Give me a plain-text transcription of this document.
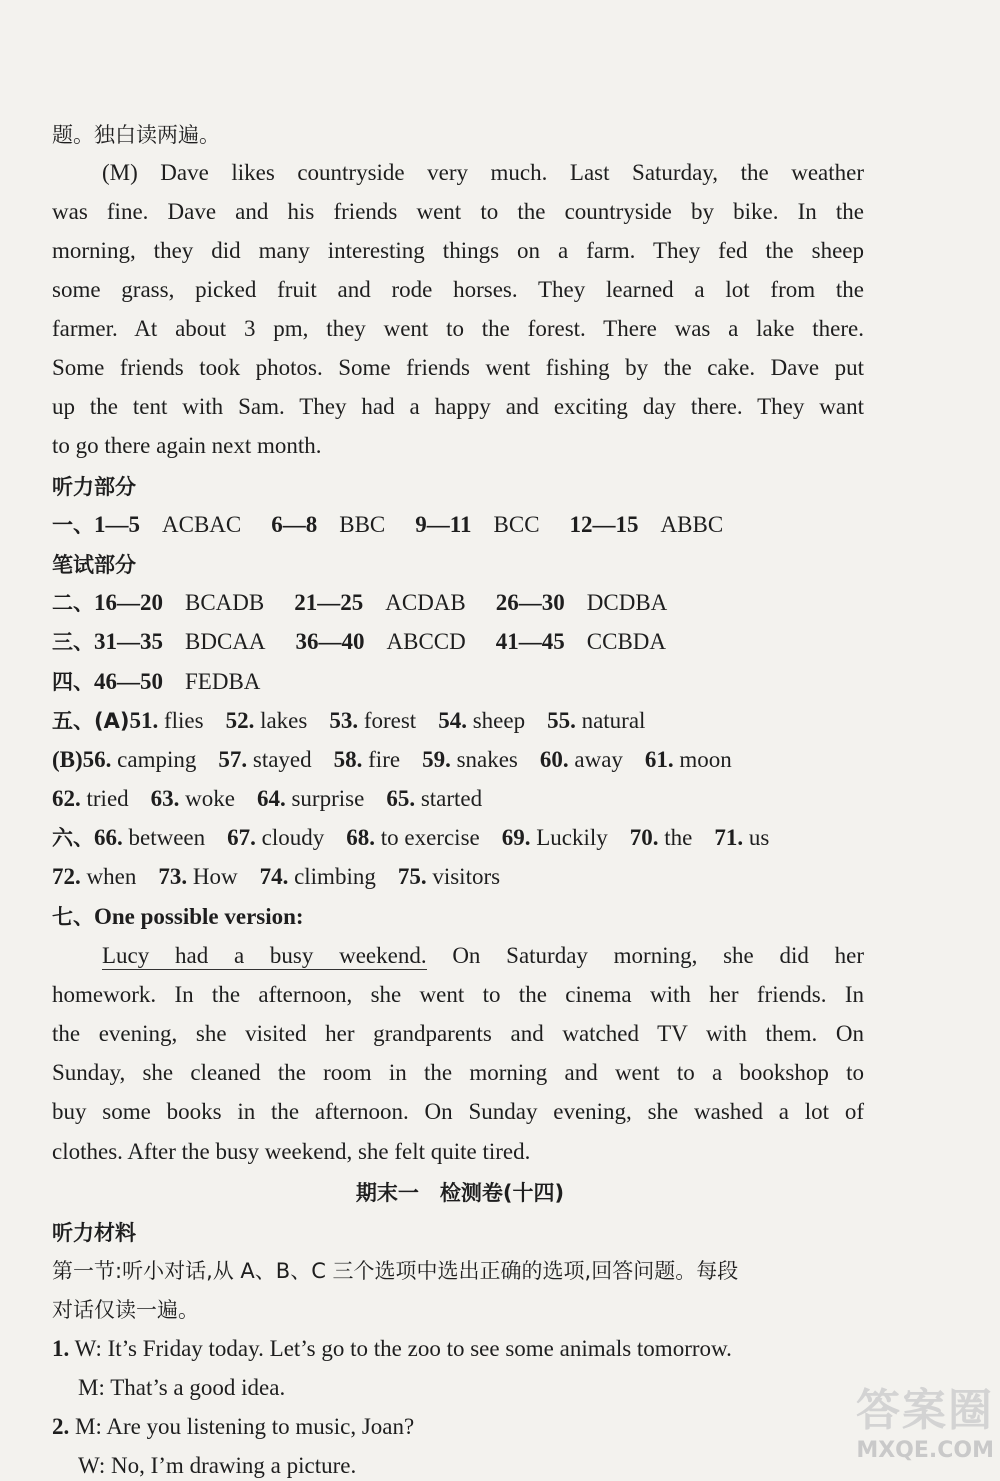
题。独白读两遍。
(M) Dave likes countryside very much. Last Saturday, the weather
was fine. Dave and his friends went to the countryside by bike. In the
morning, they did many interesting things on a farm. They fed the sheep
some grass, picked fruit and rode horses. They learned a lot from the
farmer. At about 3 pm, they went to the forest. There was a lake there.
Some friends took photos. Some friends went fishing by the cake. Dave put
up the tent with Sam. They had a happy and exciting day there. They want
to go there again next month.
听力部分
一、1—5 ACBAC 6—8 BBC 9—11 BCC 12—15 ABBC
笔试部分
二、16—20 BCADB 21—25 ACDAB 26—30 DCDBA
三、31—35 BDCAA 36—40 ABCCD 41—45 CCBDA
四、46—50 FEDBA
五、(A)51. flies 52. lakes 53. forest 54. sheep 55. natural
(B)56. camping 57. stayed 58. fire 59. snakes 60. away 61. moon
62. tried 63. woke 64. surprise 65. started
六、66. between 67. cloudy 68. to exercise 69. Luckily 70. the 71. us
72. when 73. How 74. climbing 75. visitors
七、One possible version:
Lucy had a busy weekend. On Saturday morning, she did her
homework. In the afternoon, she went to the cinema with her friends. In
the evening, she visited her grandparents and watched TV with them. On
Sunday, she cleaned the room in the morning and went to a bookshop to
buy some books in the afternoon. On Sunday evening, she washed a lot of
clothes. After the busy weekend, she felt quite tired.
期末一　检测卷(十四)
听力材料
第一节:听小对话,从 A、B、C 三个选项中选出正确的选项,回答问题。每段
对话仅读一遍。
1. W: It’s Friday today. Let’s go to the zoo to see some animals tomorrow.
M: That’s a good idea.
2. M: Are you listening to music, Joan?
W: No, I’m drawing a picture.
答案圈
MXQE.COM
